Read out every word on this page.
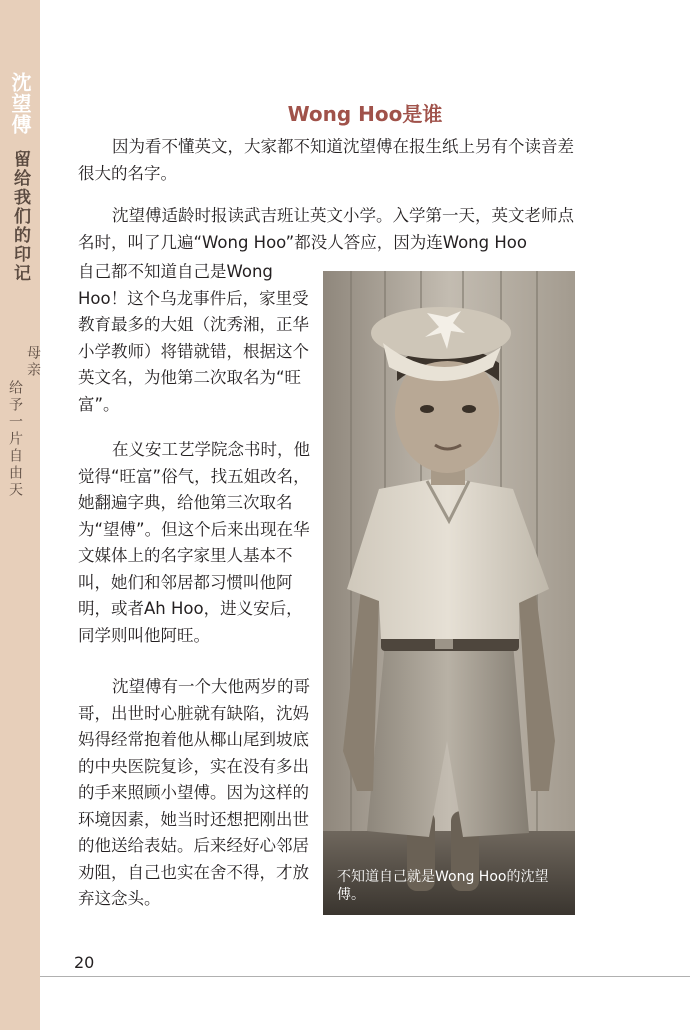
沈望傅
留给我们的印记
母亲
给予一片自由天
Wong Hoo是谁

因为看不懂英文，大家都不知道沈望傅在报生纸上另有个读音差很大的名字。

沈望傅适龄时报读武吉班让英文小学。入学第一天，英文老师点名时，叫了几遍“Wong Hoo”都没人答应，因为连Wong Hoo

自己都不知道自己是Wong Hoo！这个乌龙事件后，家里受教育最多的大姐（沈秀湘，正华小学教师）将错就错，根据这个英文名，为他第二次取名为“旺富”。

在义安工艺学院念书时，他觉得“旺富”俗气，找五姐改名，她翻遍字典，给他第三次取名为“望傅”。但这个后来出现在华文媒体上的名字家里人基本不叫，她们和邻居都习惯叫他阿明，或者Ah Hoo，进义安后，同学则叫他阿旺。

沈望傅有一个大他两岁的哥哥，出世时心脏就有缺陷，沈妈妈得经常抱着他从椰山尾到坡底的中央医院复诊，实在没有多出的手来照顾小望傅。因为这样的环境因素，她当时还想把刚出世的他送给表姑。后来经好心邻居劝阻，自己也实在舍不得，才放弃这念头。

不知道自己就是Wong Hoo的沈望傅。
20
